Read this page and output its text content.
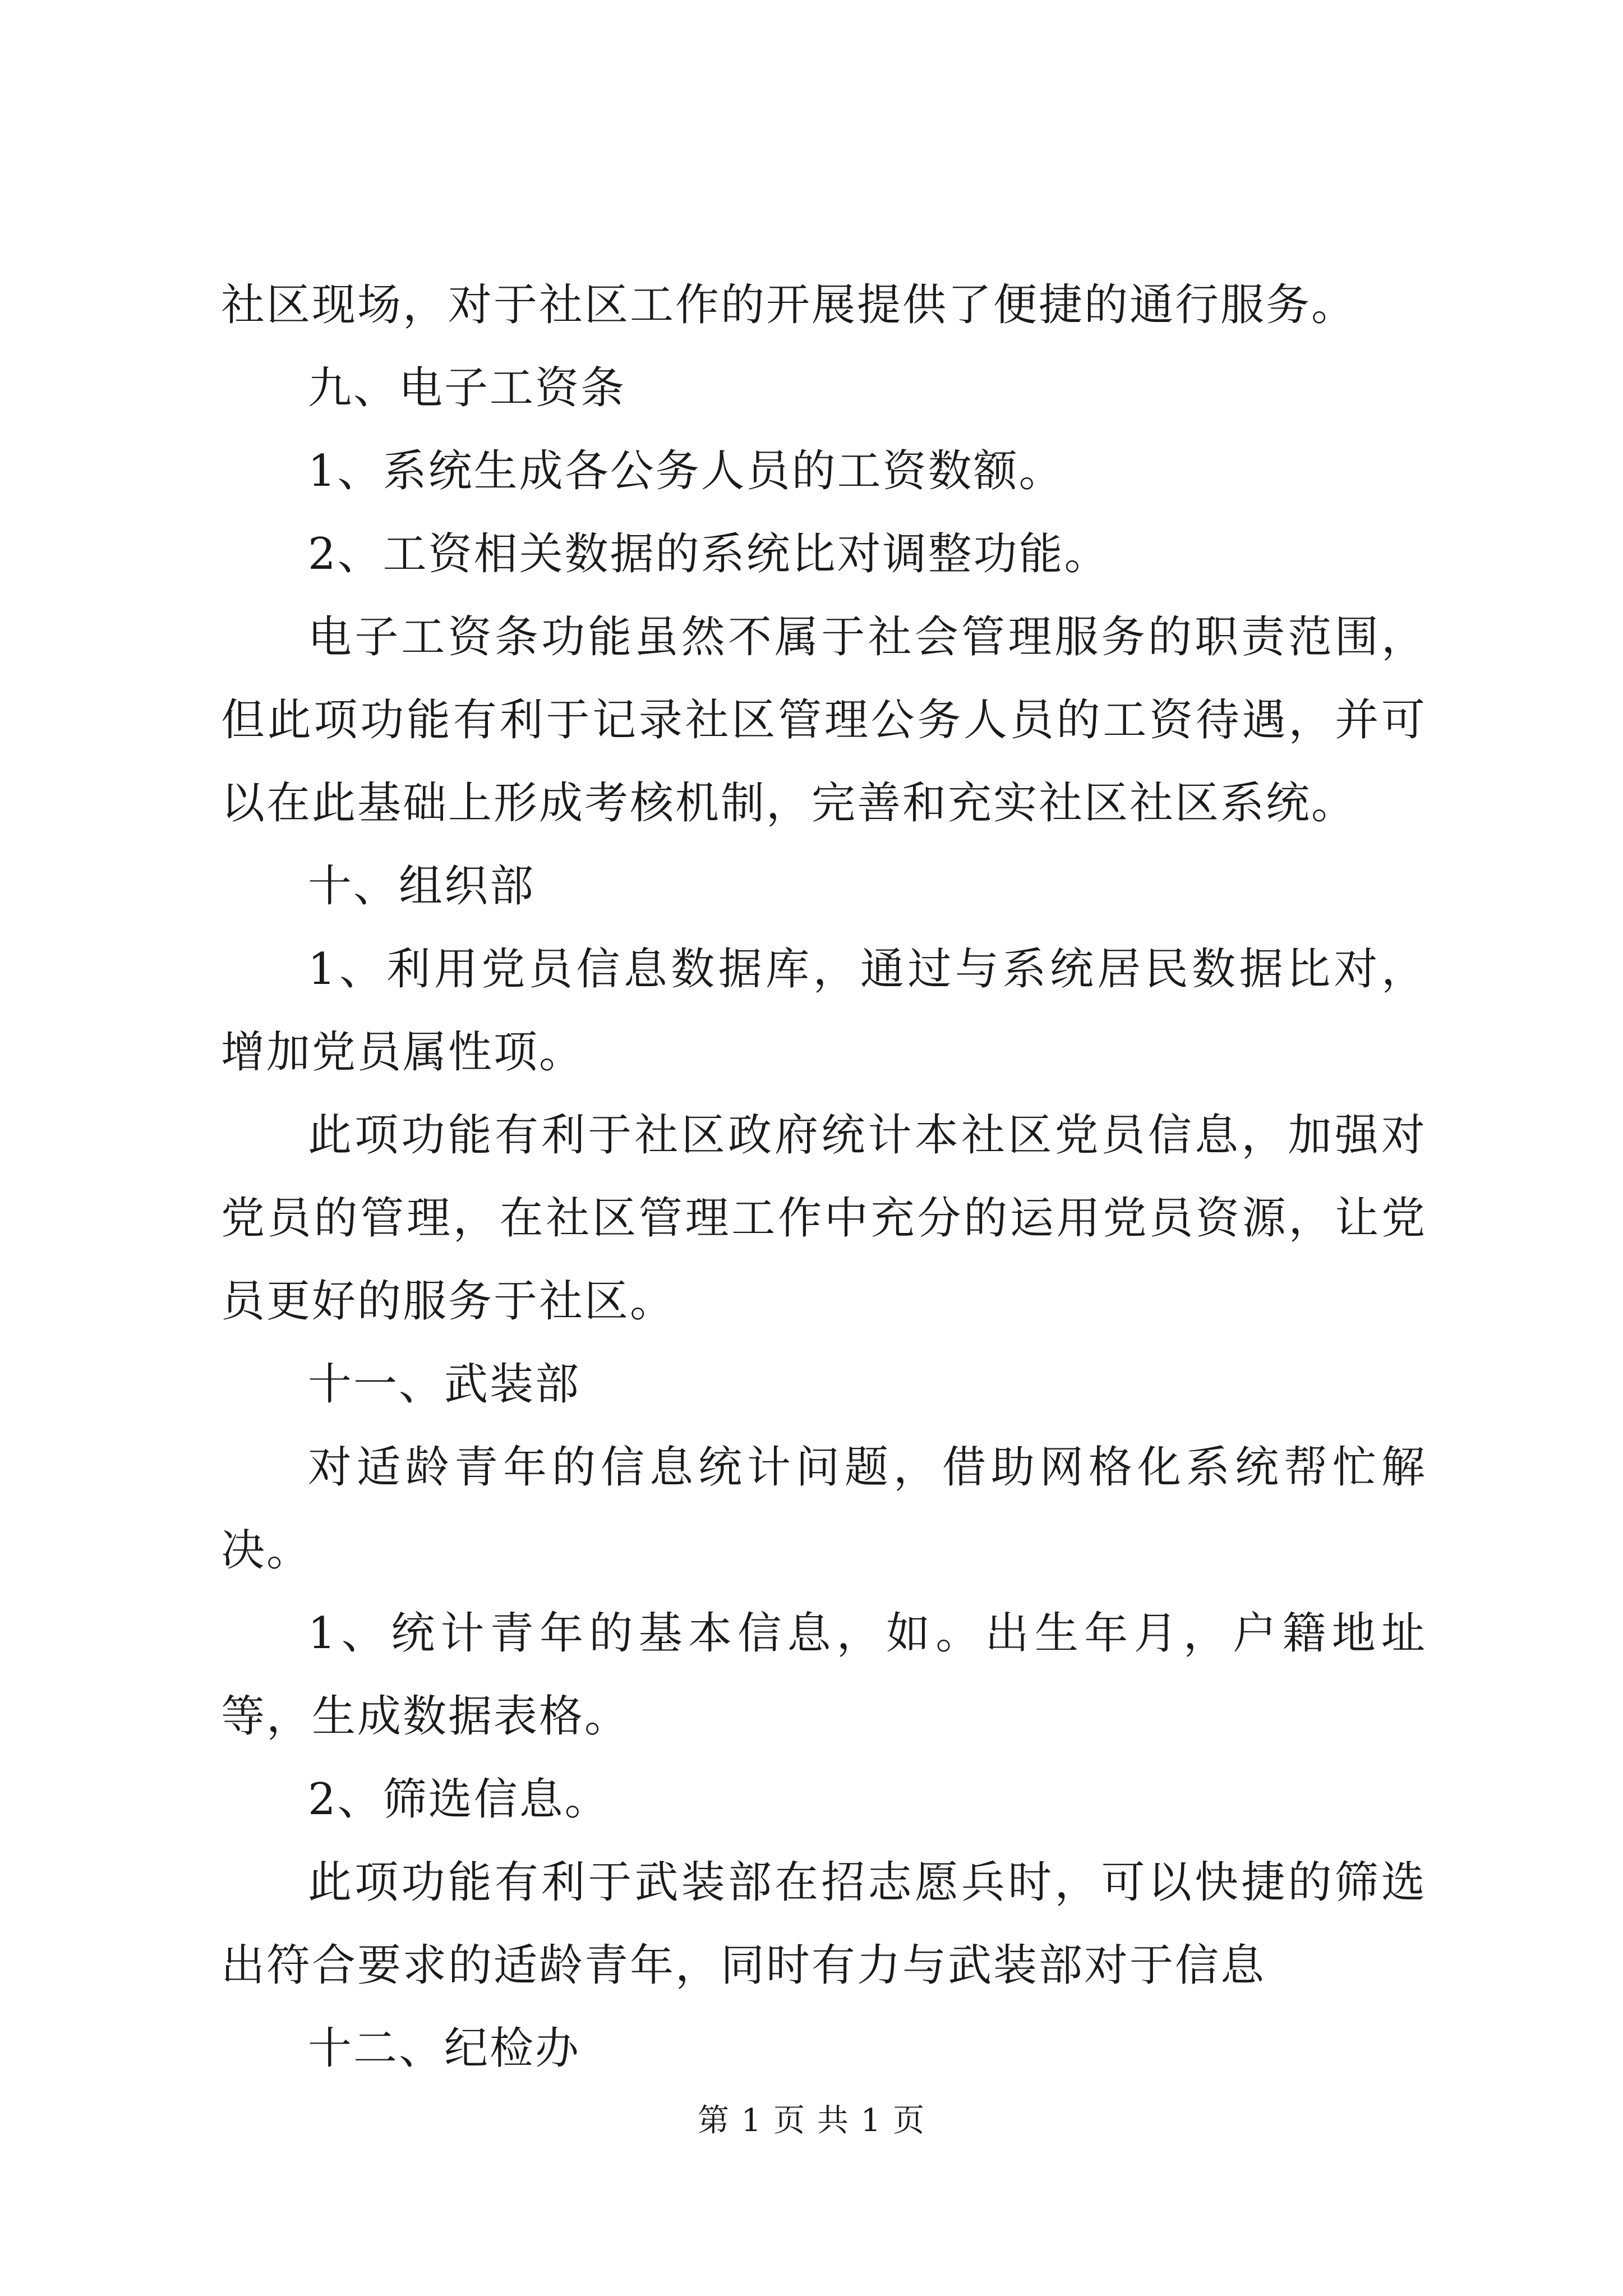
社区现场，对于社区工作的开展提供了便捷的通行服务。

九、电子工资条

1、系统生成各公务人员的工资数额。

2、工资相关数据的系统比对调整功能。

电子工资条功能虽然不属于社会管理服务的职责范围，但此项功能有利于记录社区管理公务人员的工资待遇，并可以在此基础上形成考核机制，完善和充实社区社区系统。

十、组织部

1、利用党员信息数据库，通过与系统居民数据比对，增加党员属性项。

此项功能有利于社区政府统计本社区党员信息，加强对党员的管理，在社区管理工作中充分的运用党员资源，让党员更好的服务于社区。

十一、武装部

对适龄青年的信息统计问题，借助网格化系统帮忙解决。

1、统计青年的基本信息，如。出生年月，户籍地址等，生成数据表格。

2、筛选信息。

此项功能有利于武装部在招志愿兵时，可以快捷的筛选出符合要求的适龄青年，同时有力与武装部对于信息

十二、纪检办

第 1 页 共 1 页
